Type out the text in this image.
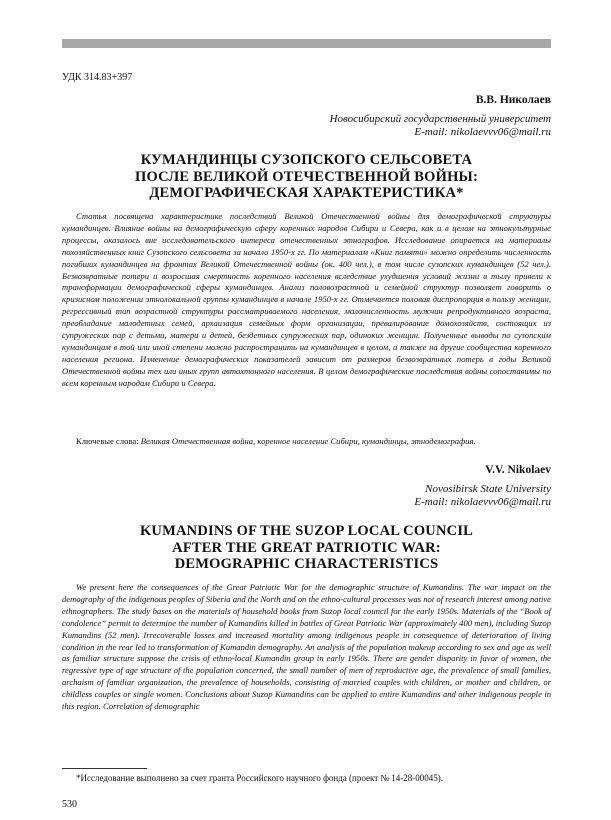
УДК 314.83+397
В.В. Николаев
Новосибирский государственный университет
E-mail: nikolaevvv06@mail.ru
КУМАНДИНЦЫ СУЗОПСКОГО СЕЛЬСОВЕТА
ПОСЛЕ ВЕЛИКОЙ ОТЕЧЕСТВЕННОЙ ВОЙНЫ:
ДЕМОГРАФИЧЕСКАЯ ХАРАКТЕРИСТИКА*

Статья посвящена характеристике последствий Великой Отечественной войны для демографической структуры кумандинцев. Влияние войны на демографическую сферу коренных народов Сибири и Севера, как и в целом на этнокультурные процессы, оказалось вне исследовательского интереса отечественных этнографов. Исследование опирается на материалы похозяйственных книг Сузопского сельсовета за начало 1950-х гг. По материалам «Книг памяти» можно определить численность погибших кумандинцев на фронтах Великой Отечественной войны (ок. 400 чел.), в том числе сузопских кумандинцев (52 чел.). Безвозвратные потери и возросшая смертность коренного населения вследствие ухудшения условий жизни в тылу привели к трансформации демографической сферы кумандинцев. Анализ половозрастной и семейной структур позволяет говорить о кризисном положении этнолокальной группы кумандинцев в начале 1950-х гг. Отмечается половая диспропорция в пользу женщин, регрессивный тип возрастной структуры рассматриваемого населения, малочисленность мужчин репродуктивного возраста, преобладание малодетных семей, архаизация семейных форм организации, превалирование домохозяйств, состоящих из супружеских пар с детьми, матери и детей, бездетных супружеских пар, одиноких женщин. Полученные выводы по сузопским кумандинцам в той или иной степени можно распространить на кумандинцев в целом, а также на другие сообщества коренного населения региона. Изменение демографических показателей зависит от размеров безвозвратных потерь в годы Великой Отечественной войны тех или иных групп автохтонного населения. В целом демографические последствия войны сопоставимы по всем коренным народам Сибири и Севера.

Ключевые слова: Великая Отечественная война, коренное население Сибири, кумандинцы, этнодемография.

V.V. Nikolaev
Novosibirsk State University
E-mail: nikolaevvv06@mail.ru
KUMANDINS OF THE SUZOP LOCAL COUNCIL
AFTER THE GREAT PATRIOTIC WAR:
DEMOGRAPHIC CHARACTERISTICS

We present here the consequences of the Great Patriotic War for the demographic structure of Kumandins. The war impact on the demography of the indigenous peoples of Siberia and the North and on the ethno-cultural processes was not of research interest among native ethnographers. The study bases on the materials of household books from Suzop local council for the early 1950s. Materials of the “Book of condolence” permit to determine the number of Kumandins killed in battles of Great Patriotic War (approximately 400 men), including Suzop Kumandins (52 men). Irrecoverable losses and increased mortality among indigenous people in consequence of deterioration of living condition in the rear led to transformation of Kumandin demography. An analysis of the population makeup according to sex and age as well as familiar structure suppose the crisis of ethno-local Kumandin group in early 1950s. There are gender disparity in favor of women, the regressive type of age structure of the population concerned, the small number of men of reproductive age, the prevalence of small families, archaism of familiar organization, the prevalence of households, consisting of married couples with children, or mother and children, or childless couples or single women. Conclusions about Suzop Kumandins can be applied to entire Kumandins and other indigenous people in this region. Correlation of demographic

*Исследование выполнено за счет гранта Российского научного фонда (проект № 14-28-00045).
530
